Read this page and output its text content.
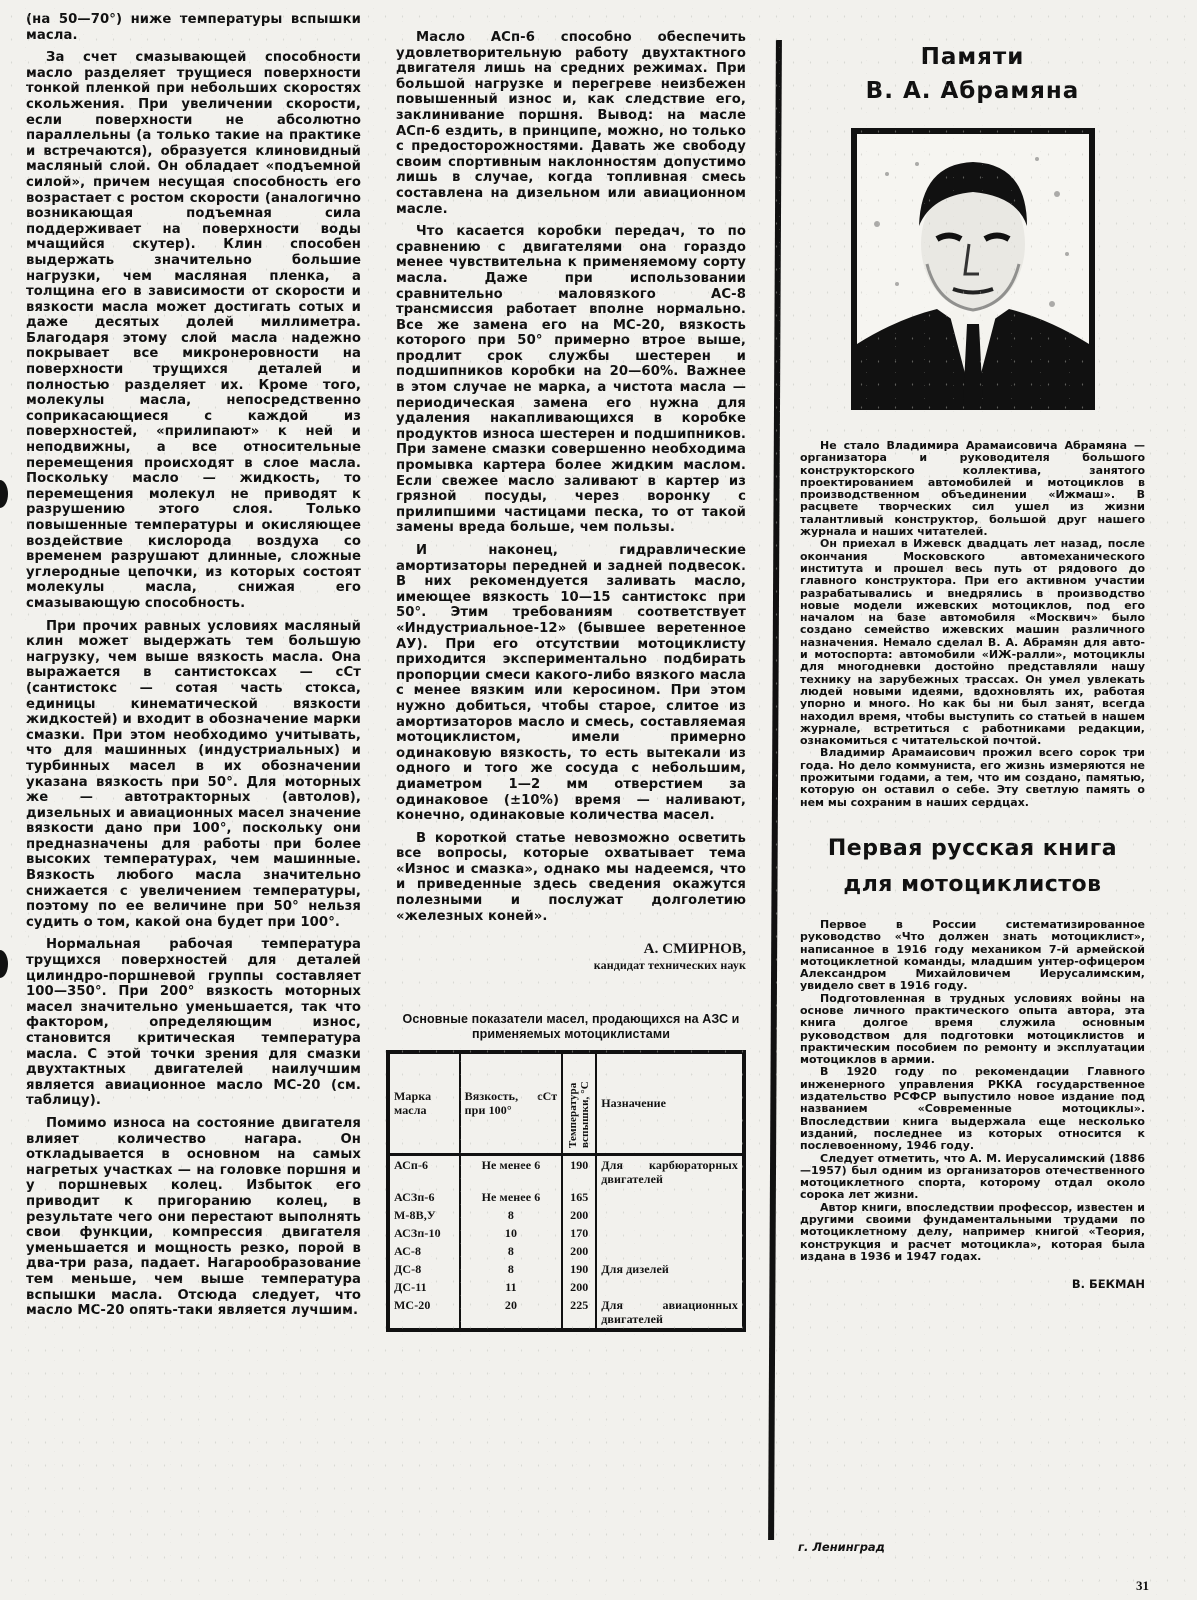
(на 50—70°) ниже температуры вспышки масла.

За счет смазывающей способности масло разделяет трущиеся поверхности тонкой пленкой при небольших скоростях скольжения. При увеличении скорости, если поверхности не абсолютно параллельны (а только такие на практике и встречаются), образуется клиновидный масляный слой. Он обладает «подъемной силой», причем несущая способность его возрастает с ростом скорости (аналогично возникающая подъемная сила поддерживает на поверхности воды мчащийся скутер). Клин способен выдержать значительно большие нагрузки, чем масляная пленка, а толщина его в зависимости от скорости и вязкости масла может достигать сотых и даже десятых долей миллиметра. Благодаря этому слой масла надежно покрывает все микронеровности на поверхности трущихся деталей и полностью разделяет их. Кроме того, молекулы масла, непосредственно соприкасающиеся с каждой из поверхностей, «прилипают» к ней и неподвижны, а все относительные перемещения происходят в слое масла. Поскольку масло — жидкость, то перемещения молекул не приводят к разрушению этого слоя. Только повышенные температуры и окисляющее воздействие кислорода воздуха со временем разрушают длинные, сложные углеродные цепочки, из которых состоят молекулы масла, снижая его смазывающую способность.

При прочих равных условиях масляный клин может выдержать тем большую нагрузку, чем выше вязкость масла. Она выражается в сантистоксах — сСт (сантистокс — сотая часть стокса, единицы кинематической вязкости жидкостей) и входит в обозначение марки смазки. При этом необходимо учитывать, что для машинных (индустриальных) и турбинных масел в их обозначении указана вязкость при 50°. Для моторных же — автотракторных (автолов), дизельных и авиационных масел значение вязкости дано при 100°, поскольку они предназначены для работы при более высоких температурах, чем машинные. Вязкость любого масла значительно снижается с увеличением температуры, поэтому по ее величине при 50° нельзя судить о том, какой она будет при 100°.

Нормальная рабочая температура трущихся поверхностей для деталей цилиндро-поршневой группы составляет 100—350°. При 200° вязкость моторных масел значительно уменьшается, так что фактором, определяющим износ, становится критическая температура масла. С этой точки зрения для смазки двухтактных двигателей наилучшим является авиационное масло МС-20 (см. таблицу).

Помимо износа на состояние двигателя влияет количество нагара. Он откладывается в основном на самых нагретых участках — на головке поршня и у поршневых колец. Избыток его приводит к пригоранию колец, в результате чего они перестают выполнять свои функции, компрессия двигателя уменьшается и мощность резко, порой в два-три раза, падает. Нагарообразование тем меньше, чем выше температура вспышки масла. Отсюда следует, что масло МС-20 опять-таки является лучшим.

Масло АСп-6 способно обеспечить удовлетворительную работу двухтактного двигателя лишь на средних режимах. При большой нагрузке и перегреве неизбежен повышенный износ и, как следствие его, заклинивание поршня. Вывод: на масле АСп-6 ездить, в принципе, можно, но только с предосторожностями. Давать же свободу своим спортивным наклонностям допустимо лишь в случае, когда топливная смесь составлена на дизельном или авиационном масле.

Что касается коробки передач, то по сравнению с двигателями она гораздо менее чувствительна к применяемому сорту масла. Даже при использовании сравнительно маловязкого АС-8 трансмиссия работает вполне нормально. Все же замена его на МС-20, вязкость которого при 50° примерно втрое выше, продлит срок службы шестерен и подшипников коробки на 20—60%. Важнее в этом случае не марка, а чистота масла — периодическая замена его нужна для удаления накапливающихся в коробке продуктов износа шестерен и подшипников. При замене смазки совершенно необходима промывка картера более жидким маслом. Если свежее масло заливают в картер из грязной посуды, через воронку с прилипшими частицами песка, то от такой замены вреда больше, чем пользы.

И наконец, гидравлические амортизаторы передней и задней подвесок. В них рекомендуется заливать масло, имеющее вязкость 10—15 сантистокс при 50°. Этим требованиям соответствует «Индустриальное-12» (бывшее веретенное АУ). При его отсутствии мотоциклисту приходится экспериментально подбирать пропорции смеси какого-либо вязкого масла с менее вязким или керосином. При этом нужно добиться, чтобы старое, слитое из амортизаторов масло и смесь, составляемая мотоциклистом, имели примерно одинаковую вязкость, то есть вытекали из одного и того же сосуда с небольшим, диаметром 1—2 мм отверстием за одинаковое (±10%) время — наливают, конечно, одинаковые количества масел.

В короткой статье невозможно осветить все вопросы, которые охватывает тема «Износ и смазка», однако мы надеемся, что и приведенные здесь сведения окажутся полезными и послужат долголетию «железных коней».

А. СМИРНОВ,
кандидат технических наук
Основные показатели масел, продающихся на АЗС и применяемых мотоциклистами
Марка масла	Вязкость, сСт при 100°	Температура вспышки, °С	Назначение
АСп-6	Не менее 6	190	Для карбюраторных двигателей
АСЗп-6	Не менее 6	165	
М-8В,У	8	200	
АСЗп-10	10	170	
АС-8	8	200	
ДС-8	8	190	Для дизелей
ДС-11	11	200	
МС-20	20	225	Для авиационных двигателей
Памяти
В. А. Абрамяна

Не стало Владимира Арамаисовича Абрамяна — организатора и руководителя большого конструкторского коллектива, занятого проектированием автомобилей и мотоциклов в производственном объединении «Ижмаш». В расцвете творческих сил ушел из жизни талантливый конструктор, большой друг нашего журнала и наших читателей.

Он приехал в Ижевск двадцать лет назад, после окончания Московского автомеханического института и прошел весь путь от рядового до главного конструктора. При его активном участии разрабатывались и внедрялись в производство новые модели ижевских мотоциклов, под его началом на базе автомобиля «Москвич» было создано семейство ижевских машин различного назначения. Немало сделал В. А. Абрамян для авто- и мотоспорта: автомобили «ИЖ-ралли», мотоциклы для многодневки достойно представляли нашу технику на зарубежных трассах. Он умел увлекать людей новыми идеями, вдохновлять их, работая упорно и много. Но как бы ни был занят, всегда находил время, чтобы выступить со статьей в нашем журнале, встретиться с работниками редакции, ознакомиться с читательской почтой.

Владимир Арамаисович прожил всего сорок три года. Но дело коммуниста, его жизнь измеряются не прожитыми годами, а тем, что им создано, памятью, которую он оставил о себе. Эту светлую память о нем мы сохраним в наших сердцах.

Первая русская книга
для мотоциклистов

Первое в России систематизированное руководство «Что должен знать мотоциклист», написанное в 1916 году механиком 7-й армейской мотоциклетной команды, младшим унтер-офицером Александром Михайловичем Иерусалимским, увидело свет в 1916 году.

Подготовленная в трудных условиях войны на основе личного практического опыта автора, эта книга долгое время служила основным руководством для подготовки мотоциклистов и практическим пособием по ремонту и эксплуатации мотоциклов в армии.

В 1920 году по рекомендации Главного инженерного управления РККА государственное издательство РСФСР выпустило новое издание под названием «Современные мотоциклы». Впоследствии книга выдержала еще несколько изданий, последнее из которых относится к послевоенному, 1946 году.

Следует отметить, что А. М. Иерусалимский (1886—1957) был одним из организаторов отечественного мотоциклетного спорта, которому отдал около сорока лет жизни.

Автор книги, впоследствии профессор, известен и другими своими фундаментальными трудами по мотоциклетному делу, например книгой «Теория, конструкция и расчет мотоцикла», которая была издана в 1936 и 1947 годах.

В. БЕКМАН
г. Ленинград
31
